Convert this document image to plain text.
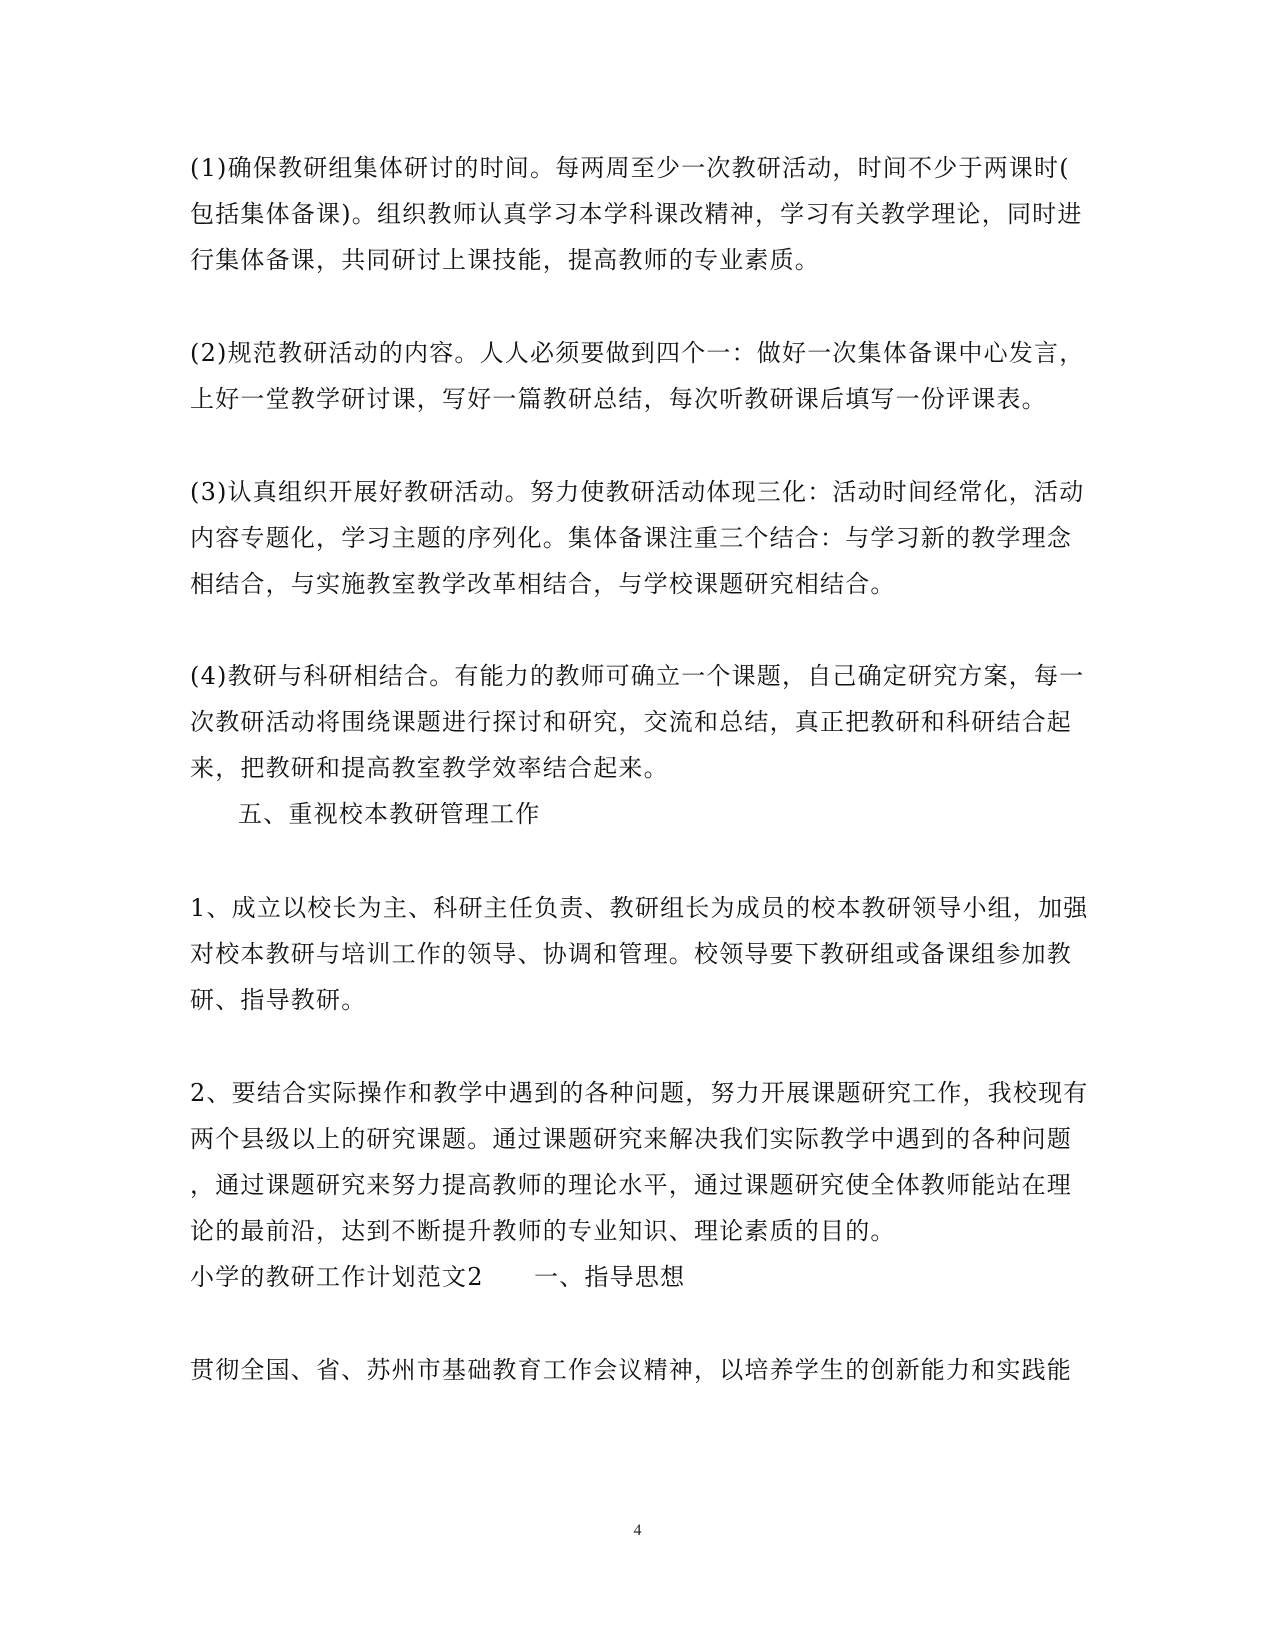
(1)确保教研组集体研讨的时间。每两周至少一次教研活动，时间不少于两课时(
包括集体备课)。组织教师认真学习本学科课改精神，学习有关教学理论，同时进
行集体备课，共同研讨上课技能，提高教师的专业素质。
(2)规范教研活动的内容。人人必须要做到四个一：做好一次集体备课中心发言，
上好一堂教学研讨课，写好一篇教研总结，每次听教研课后填写一份评课表。
(3)认真组织开展好教研活动。努力使教研活动体现三化：活动时间经常化，活动
内容专题化，学习主题的序列化。集体备课注重三个结合：与学习新的教学理念
相结合，与实施教室教学改革相结合，与学校课题研究相结合。
(4)教研与科研相结合。有能力的教师可确立一个课题，自己确定研究方案，每一
次教研活动将围绕课题进行探讨和研究，交流和总结，真正把教研和科研结合起
来，把教研和提高教室教学效率结合起来。
五、重视校本教研管理工作
1、成立以校长为主、科研主任负责、教研组长为成员的校本教研领导小组，加强
对校本教研与培训工作的领导、协调和管理。校领导要下教研组或备课组参加教
研、指导教研。
2、要结合实际操作和教学中遇到的各种问题，努力开展课题研究工作，我校现有
两个县级以上的研究课题。通过课题研究来解决我们实际教学中遇到的各种问题
，通过课题研究来努力提高教师的理论水平，通过课题研究使全体教师能站在理
论的最前沿，达到不断提升教师的专业知识、理论素质的目的。
小学的教研工作计划范文2　　一、指导思想
贯彻全国、省、苏州市基础教育工作会议精神，以培养学生的创新能力和实践能
4
